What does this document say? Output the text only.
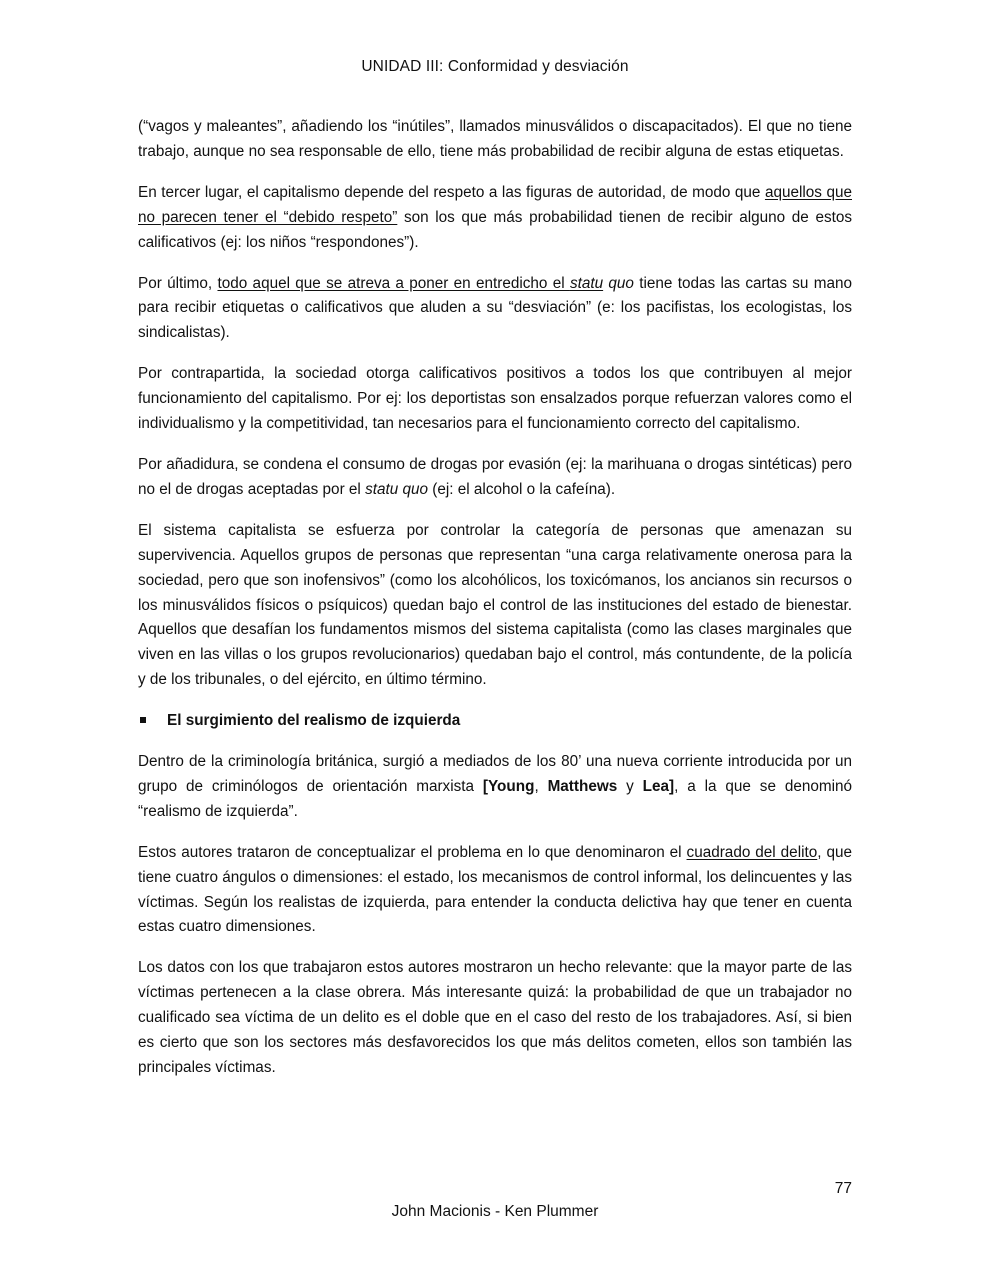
UNIDAD III: Conformidad y desviación

(“vagos y maleantes”, añadiendo los “inútiles”, llamados minusválidos o discapacitados). El que no tiene trabajo, aunque no sea responsable de ello, tiene más probabilidad de recibir alguna de estas etiquetas.

En tercer lugar, el capitalismo depende del respeto a las figuras de autoridad, de modo que aquellos que no parecen tener el “debido respeto” son los que más probabilidad tienen de recibir alguno de estos calificativos (ej: los niños “respondones”).

Por último, todo aquel que se atreva a poner en entredicho el statu quo tiene todas las cartas su mano para recibir etiquetas o calificativos que aluden a su “desviación” (e: los pacifistas, los ecologistas, los sindicalistas).

Por contrapartida, la sociedad otorga calificativos positivos a todos los que contribuyen al mejor funcionamiento del capitalismo. Por ej: los deportistas son ensalzados porque refuerzan valores como el individualismo y la competitividad, tan necesarios para el funcionamiento correcto del capitalismo.

Por añadidura, se condena el consumo de drogas por evasión (ej: la marihuana o drogas sintéticas) pero no el de drogas aceptadas por el statu quo (ej: el alcohol o la cafeína).

El sistema capitalista se esfuerza por controlar la categoría de personas que amenazan su supervivencia. Aquellos grupos de personas que representan “una carga relativamente onerosa para la sociedad, pero que son inofensivos” (como los alcohólicos, los toxicómanos, los ancianos sin recursos o los minusválidos físicos o psíquicos) quedan bajo el control de las instituciones del estado de bienestar. Aquellos que desafían los fundamentos mismos del sistema capitalista (como las clases marginales que viven en las villas o los grupos revolucionarios) quedaban bajo el control, más contundente, de la policía y de los tribunales, o del ejército, en último término.

El surgimiento del realismo de izquierda

Dentro de la criminología británica, surgió a mediados de los 80’ una nueva corriente introducida por un grupo de criminólogos de orientación marxista [Young, Matthews y Lea], a la que se denominó “realismo de izquierda”.

Estos autores trataron de conceptualizar el problema en lo que denominaron el cuadrado del delito, que tiene cuatro ángulos o dimensiones: el estado, los mecanismos de control informal, los delincuentes y las víctimas. Según los realistas de izquierda, para entender la conducta delictiva hay que tener en cuenta estas cuatro dimensiones.

Los datos con los que trabajaron estos autores mostraron un hecho relevante: que la mayor parte de las víctimas pertenecen a la clase obrera. Más interesante quizá: la probabilidad de que un trabajador no cualificado sea víctima de un delito es el doble que en el caso del resto de los trabajadores. Así, si bien es cierto que son los sectores más desfavorecidos los que más delitos cometen, ellos son también las principales víctimas.

77
John Macionis - Ken Plummer
